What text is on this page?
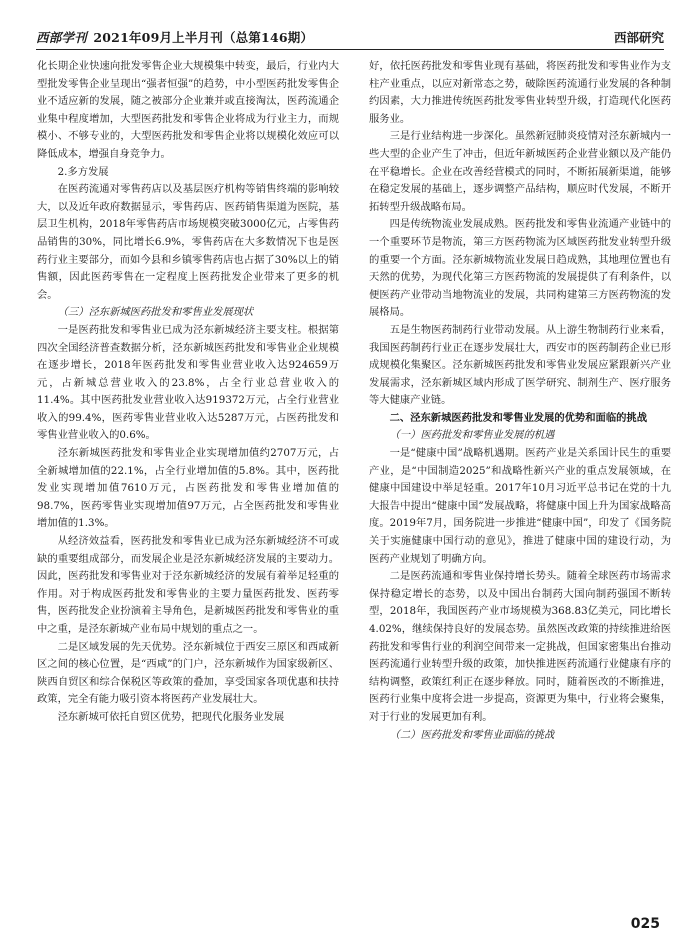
西部学刊 2021年09月上半月刊（总第146期）	西部研究

化长期企业快速向批发零售企业大规模集中转变，最后，行业内大型批发零售企业呈现出“强者恒强”的趋势，中小型医药批发零售企业不适应新的发展，随之被部分企业兼并或直接淘汰，医药流通企业集中程度增加，大型医药批发和零售企业将成为行业主力，而规模小、不够专业的，大型医药批发和零售企业将以规模化效应可以降低成本，增强自身竞争力。

2.多方发展

在医药流通对零售药店以及基层医疗机构等销售终端的影响较大，以及近年政府数据显示，零售药店、医药销售渠道为医院，基层卫生机构，2018年零售药店市场规模突破3000亿元，占零售药品销售的30%，同比增长6.9%，零售药店在大多数情况下也是医药行业主要部分，而如今县和乡镇零售药店也占据了30%以上的销售额，因此医药零售在一定程度上医药批发企业带来了更多的机会。

（三）泾东新城医药批发和零售业发展现状

一是医药批发和零售业已成为泾东新城经济主要支柱。根据第四次全国经济普查数据分析，泾东新城医药批发和零售业企业规模在逐步增长，2018年医药批发和零售业营业收入达924659万元，占新城总营业收入的23.8%，占全行业总营业收入的11.4%。其中医药批发业营业收入达919372万元，占全行业营业收入的99.4%，医药零售业营业收入达5287万元，占医药批发和零售业营业收入的0.6%。

泾东新城医药批发和零售业企业实现增加值约2707万元，占全新城增加值的22.1%，占全行业增加值的5.8%。其中，医药批发业实现增加值7610万元，占医药批发和零售业增加值的98.7%，医药零售业实现增加值97万元，占全医药批发和零售业增加值的1.3%。

从经济效益看，医药批发和零售业已成为泾东新城经济不可或缺的重要组成部分，而发展企业是泾东新城经济发展的主要动力。因此，医药批发和零售业对于泾东新城经济的发展有着举足轻重的作用。对于构成医药批发和零售业的主要力量医药批发、医药零售，医药批发企业扮演着主导角色，是新城医药批发和零售业的重中之重，是泾东新城产业布局中规划的重点之一。

二是区域发展的先天优势。泾东新城位于西安三原区和西咸新区之间的核心位置，是“西咸”的门户，泾东新城作为国家级新区、陕西自贸区和综合保税区等政策的叠加，享受国家各项优惠和扶持政策，完全有能力吸引资本将医药产业发展壮大。

泾东新城可依托自贸区优势，把现代化服务业发展

好，依托医药批发和零售业现有基础，将医药批发和零售业作为支柱产业重点，以应对新常态之势，破除医药流通行业发展的各种制约因素，大力推进传统医药批发零售业转型升级，打造现代化医药服务业。

三是行业结构进一步深化。虽然新冠肺炎疫情对泾东新城内一些大型的企业产生了冲击，但近年新城医药企业营业额以及产能仍在平稳增长。企业在改善经营模式的同时，不断拓展新渠道，能够在稳定发展的基础上，逐步调整产品结构，顺应时代发展，不断开拓转型升级战略布局。

四是传统物流业发展成熟。医药批发和零售业流通产业链中的一个重要环节是物流，第三方医药物流为区域医药批发业转型升级的重要一个方面。泾东新城物流业发展日趋成熟，其地理位置也有天然的优势，为现代化第三方医药物流的发展提供了有利条件，以便医药产业带动当地物流业的发展，共同构建第三方医药物流的发展格局。

五是生物医药制药行业带动发展。从上游生物制药行业来看，我国医药制药行业正在逐步发展壮大，西安市的医药制药企业已形成规模化集聚区。泾东新城医药批发和零售业发展应紧跟新兴产业发展需求，泾东新城区域内形成了医学研究、制剂生产、医疗服务等大健康产业链。

二、泾东新城医药批发和零售业发展的优势和面临的挑战

（一）医药批发和零售业发展的机遇

一是“健康中国”战略机遇期。医药产业是关系国计民生的重要产业，是“中国制造2025”和战略性新兴产业的重点发展领域，在健康中国建设中举足轻重。2017年10月习近平总书记在党的十九大报告中提出“健康中国”发展战略，将健康中国上升为国家战略高度。2019年7月，国务院进一步推进“健康中国”，印发了《国务院关于实施健康中国行动的意见》，推进了健康中国的建设行动，为医药产业规划了明确方向。

二是医药流通和零售业保持增长势头。随着全球医药市场需求保持稳定增长的态势，以及中国出台制药大国向制药强国不断转型，2018年，我国医药产业市场规模为368.83亿美元，同比增长4.02%，继续保持良好的发展态势。虽然医改政策的持续推进给医药批发和零售行业的利润空间带来一定挑战，但国家密集出台推动医药流通行业转型升级的政策，加快推进医药流通行业健康有序的结构调整，政策红利正在逐步释放。同时，随着医改的不断推进，医药行业集中度将会进一步提高，资源更为集中，行业将会聚集，对于行业的发展更加有利。

（二）医药批发和零售业面临的挑战

025
